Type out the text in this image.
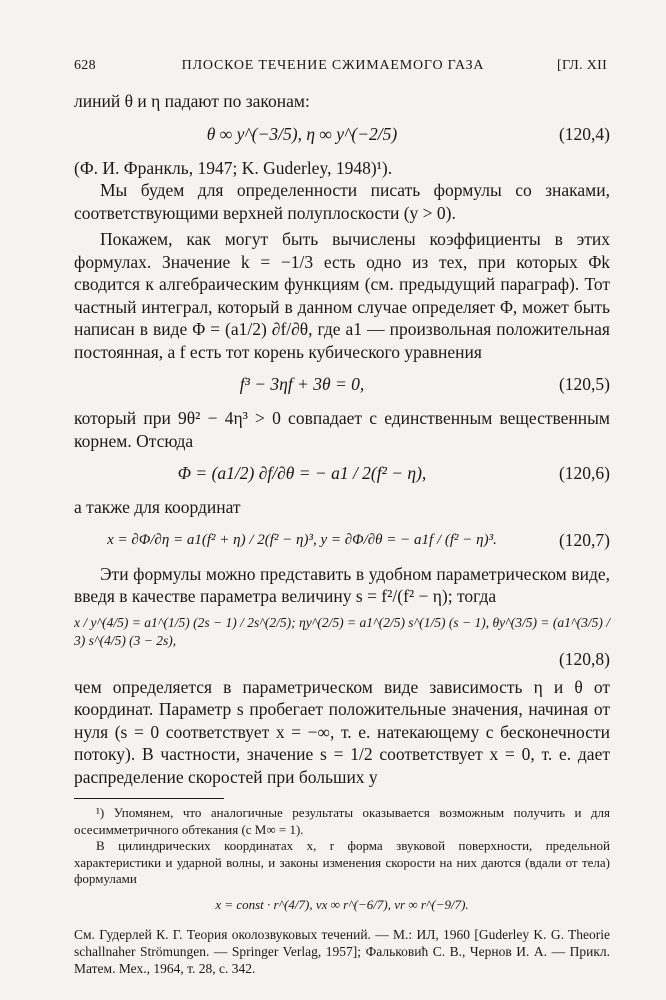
ПЛОСКОЕ ТЕЧЕНИЕ СЖИМАЕМОГО ГАЗА
628	[ГЛ. XII

линий θ и η падают по законам:

θ ∞ y^(−3/5), η ∞ y^(−2/5)	(120,4)

(Ф. И. Франкль, 1947; K. Guderley, 1948)¹).

Мы будем для определенности писать формулы со знаками, соответствующими верхней полуплоскости (y > 0).

Покажем, как могут быть вычислены коэффициенты в этих формулах. Значение k = −1/3 есть одно из тех, при которых Φk сводится к алгебраическим функциям (см. предыдущий параграф). Тот частный интеграл, который в данном случае определяет Φ, может быть написан в виде Φ = (a1/2) ∂f/∂θ, где a1 — произвольная положительная постоянная, а f есть тот корень кубического уравнения

f³ − 3ηf + 3θ = 0,	(120,5)

который при 9θ² − 4η³ > 0 совпадает с единственным вещественным корнем. Отсюда

Φ = (a1/2) ∂f/∂θ = − a1 / 2(f² − η),	(120,6)

а также для координат

x = ∂Φ/∂η = a1(f² + η) / 2(f² − η)³, y = ∂Φ/∂θ = − a1f / (f² − η)³.	(120,7)

Эти формулы можно представить в удобном параметрическом виде, введя в качестве параметра величину s = f²/(f² − η); тогда

x / y^(4/5) = a1^(1/5) (2s − 1) / 2s^(2/5); ηy^(2/5) = a1^(2/5) s^(1/5) (s − 1), θy^(3/5) = (a1^(3/5) / 3) s^(4/5) (3 − 2s),
(120,8)

чем определяется в параметрическом виде зависимость η и θ от координат. Параметр s пробегает положительные значения, начиная от нуля (s = 0 соответствует x = −∞, т. е. натекающему с бесконечности потоку). В частности, значение s = 1/2 соответствует x = 0, т. е. дает распределение скоростей при больших y

¹) Упомянем, что аналогичные результаты оказывается возможным получить и для осесимметричного обтекания (с M∞ = 1).

В цилиндрических координатах x, r форма звуковой поверхности, предельной характеристики и ударной волны, и законы изменения скорости на них даются (вдали от тела) формулами

x = const · r^(4/7), vx ∞ r^(−6/7), vr ∞ r^(−9/7).

См. Гудерлей К. Г. Теория околозвуковых течений. — М.: ИЛ, 1960 [Guderley K. G. Theorie schallnaher Strömungen. — Springer Verlag, 1957]; Фальковић С. В., Чернов И. А. — Прикл. Матем. Мех., 1964, т. 28, с. 342.
